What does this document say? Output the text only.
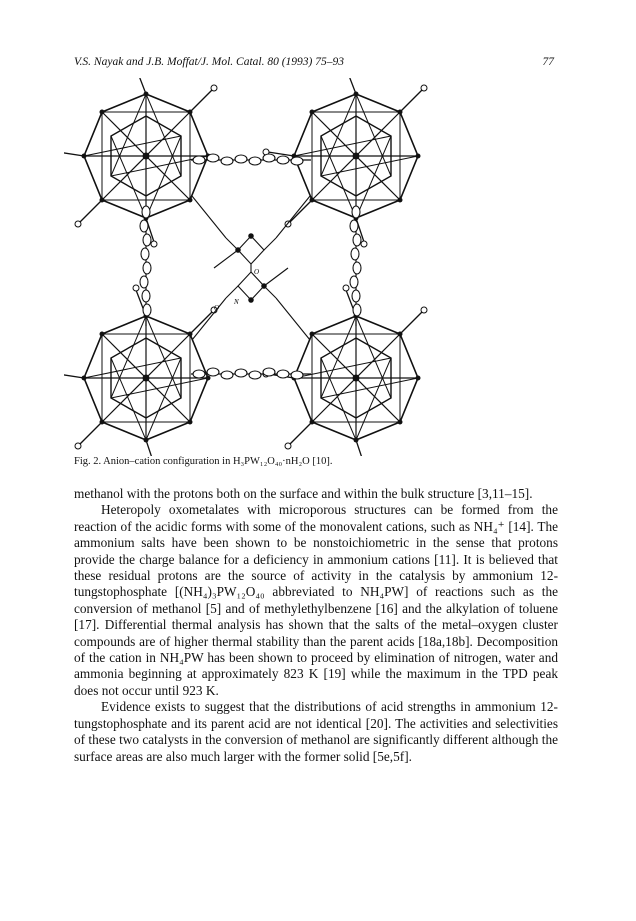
V.S. Nayak and J.B. Moffat/J. Mol. Catal. 80 (1993) 75–93	77
O
N
O
Fig. 2. Anion–cation configuration in H₃PW₁₂O₄₀·nH₂O [10].

methanol with the protons both on the surface and within the bulk structure [3,11–15].

Heteropoly oxometalates with microporous structures can be formed from the reaction of the acidic forms with some of the monovalent cations, such as NH₄⁺ [14]. The ammonium salts have been shown to be nonstoichiometric in the sense that protons provide the charge balance for a deficiency in ammonium cations [11]. It is believed that these residual protons are the source of activity in the catalysis by ammonium 12-tungstophosphate [(NH₄)₃PW₁₂O₄₀ abbreviated to NH₄PW] of reactions such as the conversion of methanol [5] and of methylethylbenzene [16] and the alkylation of toluene [17]. Differential thermal analysis has shown that the salts of the metal–oxygen cluster compounds are of higher thermal stability than the parent acids [18a,18b]. Decomposition of the cation in NH₄PW has been shown to proceed by elimination of nitrogen, water and ammonia beginning at approximately 823 K [19] while the maximum in the TPD peak does not occur until 923 K.

Evidence exists to suggest that the distributions of acid strengths in ammonium 12-tungstophosphate and its parent acid are not identical [20]. The activities and selectivities of these two catalysts in the conversion of methanol are significantly different although the surface areas are also much larger with the former solid [5e,5f].
